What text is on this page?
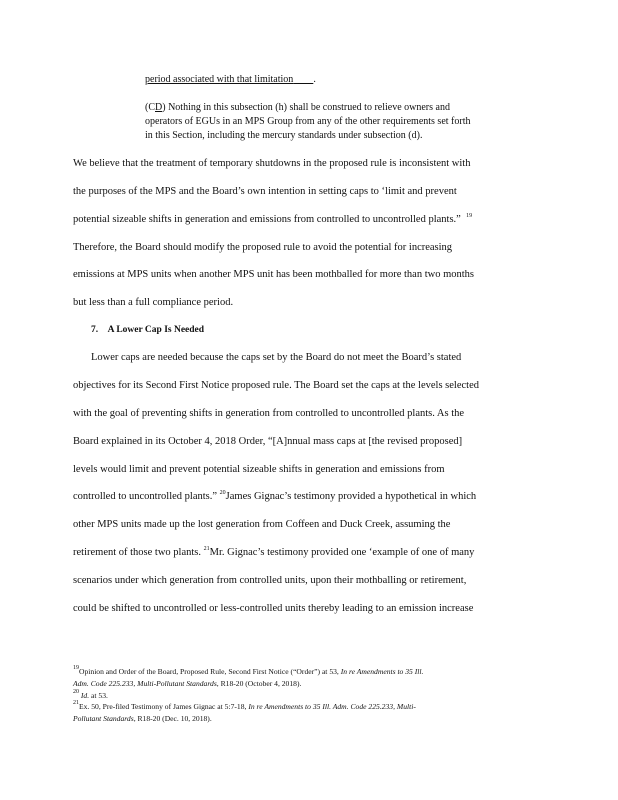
period associated with that limitation .
(CD) Nothing in this subsection (h) shall be construed to relieve owners and
operators of EGUs in an MPS Group from any of the other requirements set forth
in this Section, including the mercury standards under subsection (d).
We believe that the treatment of temporary shutdowns in the proposed rule is inconsistent with
the purposes of the MPS and the Board’s own intention in setting caps to ‘limit and prevent
potential sizeable shifts in generation and emissions from controlled to uncontrolled plants.” $^{19}$
Therefore, the Board should modify the proposed rule to avoid the potential for increasing
emissions at MPS units when another MPS unit has been mothballed for more than two months
but less than a full compliance period.
7. A Lower Cap Is Needed
Lower caps are needed because the caps set by the Board do not meet the Board’s stated
objectives for its Second First Notice proposed rule. The Board set the caps at the levels selected
with the goal of preventing shifts in generation from controlled to uncontrolled plants. As the
Board explained in its October 4, 2018 Order, “[A]nnual mass caps at [the revised proposed]
levels would limit and prevent potential sizeable shifts in generation and emissions from
controlled to uncontrolled plants.” $^{20}$James Gignac’s testimony provided a hypothetical in which
other MPS units made up the lost generation from Coffeen and Duck Creek, assuming the
retirement of those two plants. $^{21}$Mr. Gignac’s testimony provided one ‘example of one of many
scenarios under which generation from controlled units, upon their mothballing or retirement,
could be shifted to uncontrolled or less-controlled units thereby leading to an emission increase
$^{19}$Opinion and Order of the Board, Proposed Rule, Second First Notice (“Order”) at 53, In re Amendments to 35 Ill.
Adm. Code 225.233, Multi-Pollutant Standards, R18-20 (October 4, 2018).
$^{20}$ Id. at 53.
$^{21}$Ex. 50, Pre-filed Testimony of James Gignac at 5:7-18, In re Amendments to 35 Ill. Adm. Code 225.233, Multi-
Pollutant Standards, R18-20 (Dec. 10, 2018).
